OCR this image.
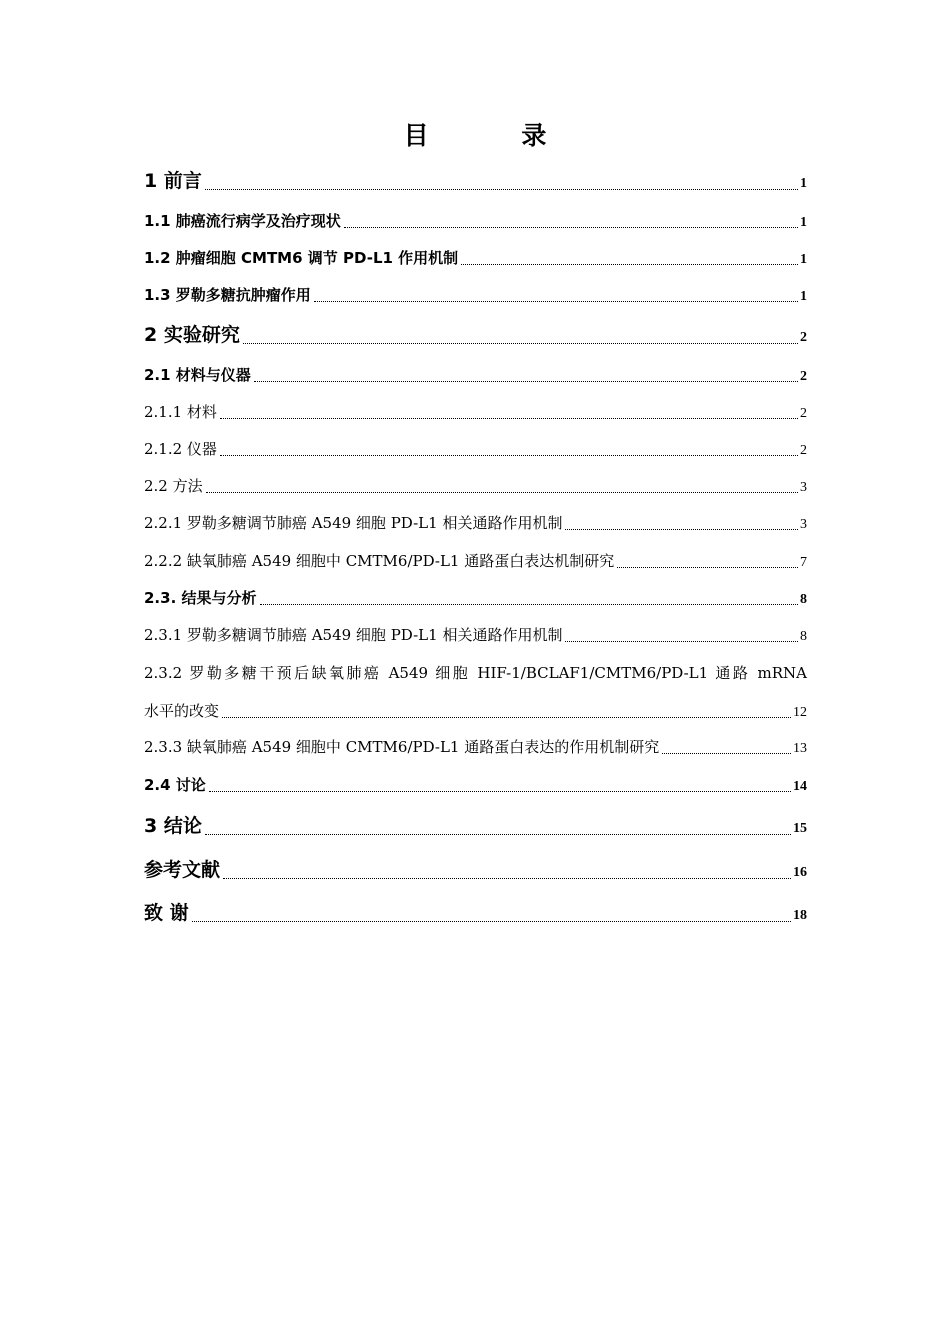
目 录
1 前言	1
1.1 肺癌流行病学及治疗现状	1
1.2 肿瘤细胞 CMTM6 调节 PD-L1 作用机制	1
1.3 罗勒多糖抗肿瘤作用	1
2 实验研究	2
2.1 材料与仪器	2
2.1.1 材料	2
2.1.2 仪器	2
2.2 方法	3
2.2.1 罗勒多糖调节肺癌 A549 细胞 PD-L1 相关通路作用机制	3
2.2.2 缺氧肺癌 A549 细胞中 CMTM6/PD-L1 通路蛋白表达机制研究	7
2.3. 结果与分析	8
2.3.1 罗勒多糖调节肺癌 A549 细胞 PD-L1 相关通路作用机制	8
2.3.2 罗勒多糖干预后缺氧肺癌 A549 细胞 HIF-1/BCLAF1/CMTM6/PD-L1 通路 mRNA
水平的改变	12
2.3.3 缺氧肺癌 A549 细胞中 CMTM6/PD-L1 通路蛋白表达的作用机制研究	13
2.4 讨论	14
3 结论	15
参考文献	16
致 谢	18
